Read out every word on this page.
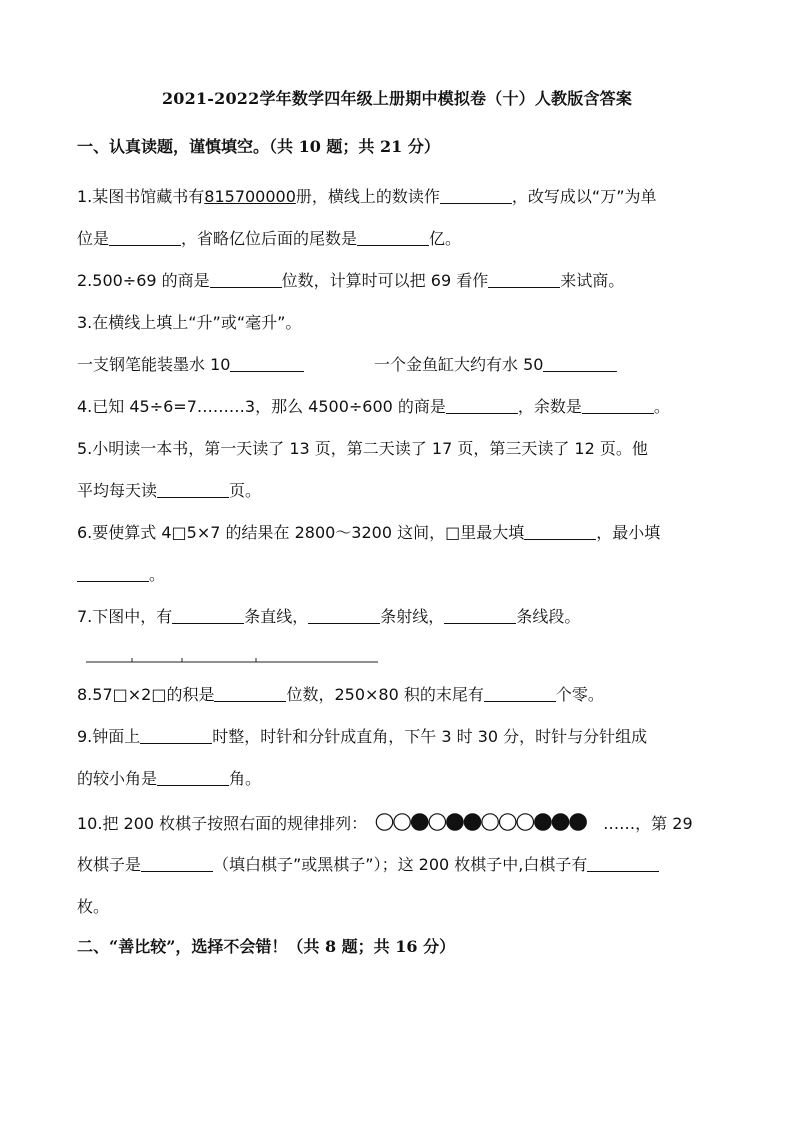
2021-2022学年数学四年级上册期中模拟卷（十）人教版含答案
一、认真读题，谨慎填空。（共 10 题；共 21 分）
1.某图书馆藏书有815700000册，横线上的数读作	，改写成以“万”为单
位是	，省略亿位后面的尾数是	亿。
2.500÷69 的商是	位数，计算时可以把 69 看作	来试商。
3.在横线上填上“升”或“毫升”。
一支钢笔能装墨水 10	一个金鱼缸大约有水 50
4.已知 45÷6=7………3，那么 4500÷600 的商是	，余数是	。
5.小明读一本书，第一天读了 13 页，第二天读了 17 页，第三天读了 12 页。他
平均每天读	页。
6.要使算式 4□5×7 的结果在 2800～3200 这间，□里最大填	，最小填
。
7.下图中，有	条直线，	条射线，	条线段。
8.57□×2□的积是	位数，250×80 积的末尾有	个零。
9.钟面上	时整，时针和分针成直角，下午 3 时 30 分，时针与分针组成
的较小角是	角。
10.把 200 枚棋子按照右面的规律排列：	……，第 29
枚棋子是	（填白棋子”或黑棋子”）；这 200 枚棋子中,白棋子有
枚。
二、“善比较”，选择不会错！（共 8 题；共 16 分）
